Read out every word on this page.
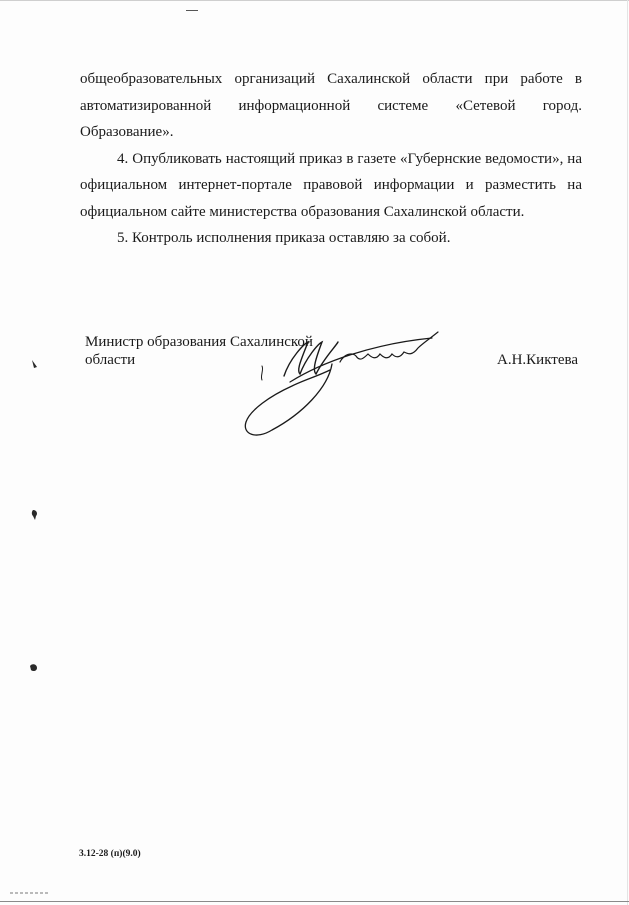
общеобразовательных организаций Сахалинской области при работе в

автоматизированной информационной системе «Сетевой город. Образование».

4. Опубликовать настоящий приказ в газете «Губернские ведомости», на

официальном интернет-портале правовой информации и разместить на

официальном сайте министерства образования Сахалинской области.

5. Контроль исполнения приказа оставляю за собой.

Министр образования Сахалинской
области	А.Н.Киктева
3.12-28 (п)(9.0)
